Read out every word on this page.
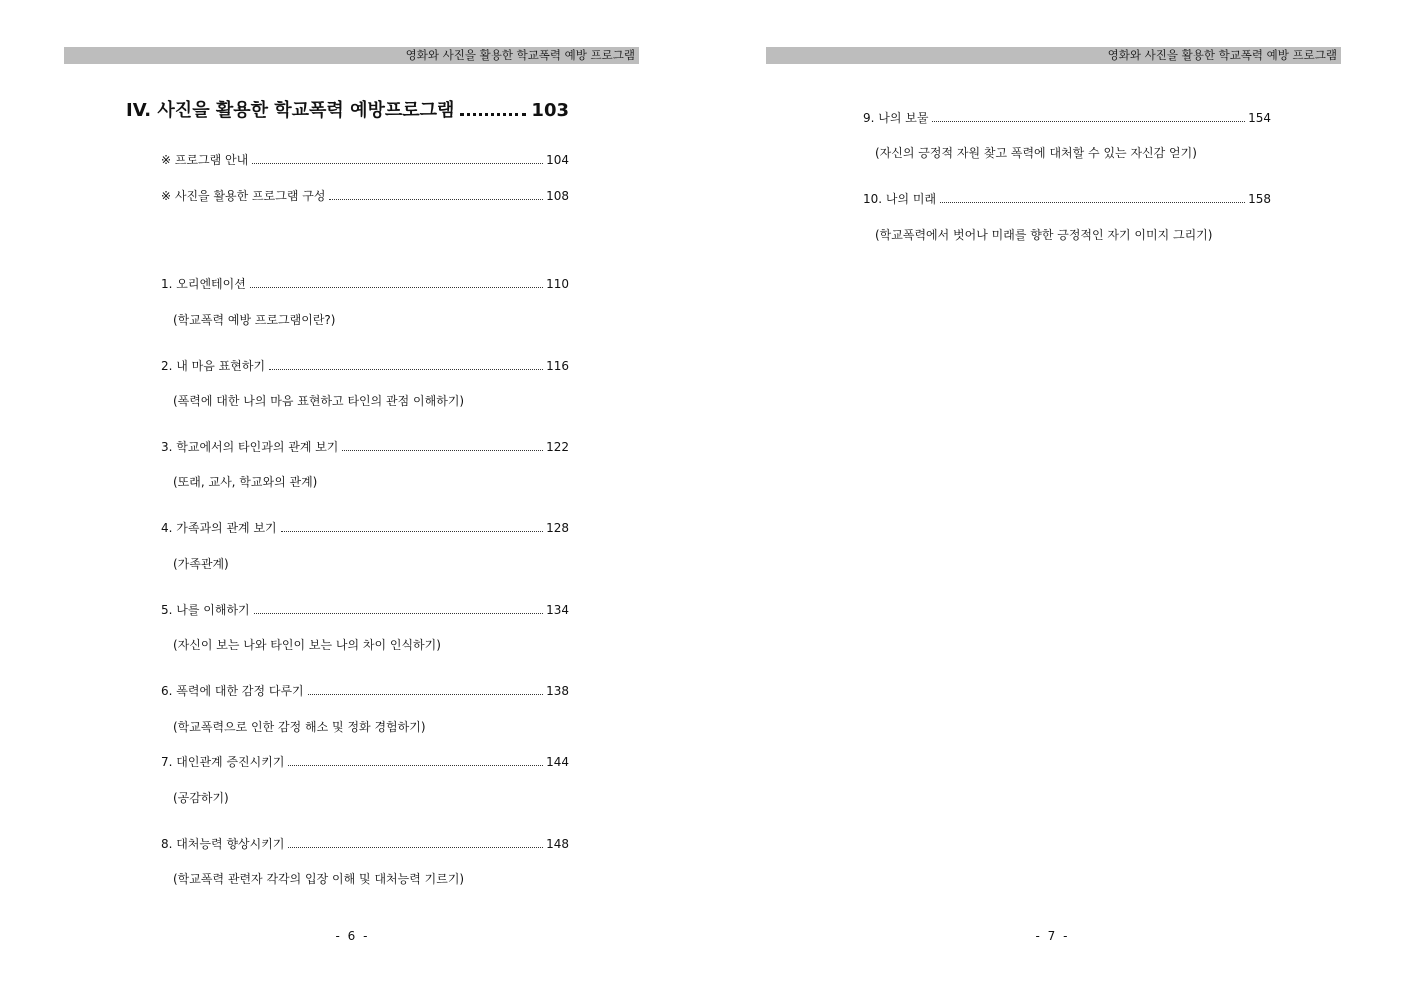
영화와 사진을 활용한 학교폭력 예방 프로그램
IV. 사진을 활용한 학교폭력 예방프로그램	103
※ 프로그램 안내	104
※ 사진을 활용한 프로그램 구성	108
1. 오리엔테이션	110
(학교폭력 예방 프로그램이란?)
2. 내 마음 표현하기	116
(폭력에 대한 나의 마음 표현하고 타인의 관점 이해하기)
3. 학교에서의 타인과의 관계 보기	122
(또래, 교사, 학교와의 관계)
4. 가족과의 관계 보기	128
(가족관계)
5. 나를 이해하기	134
(자신이 보는 나와 타인이 보는 나의 차이 인식하기)
6. 폭력에 대한 감정 다루기	138
(학교폭력으로 인한 감정 해소 및 정화 경험하기)
7. 대인관계 증진시키기	144
(공감하기)
8. 대처능력 향상시키기	148
(학교폭력 관련자 각각의 입장 이해 및 대처능력 기르기)
- 6 -
영화와 사진을 활용한 학교폭력 예방 프로그램
9. 나의 보물	154
(자신의 긍정적 자원 찾고 폭력에 대처할 수 있는 자신감 얻기)
10. 나의 미래	158
(학교폭력에서 벗어나 미래를 향한 긍정적인 자기 이미지 그리기)
- 7 -
